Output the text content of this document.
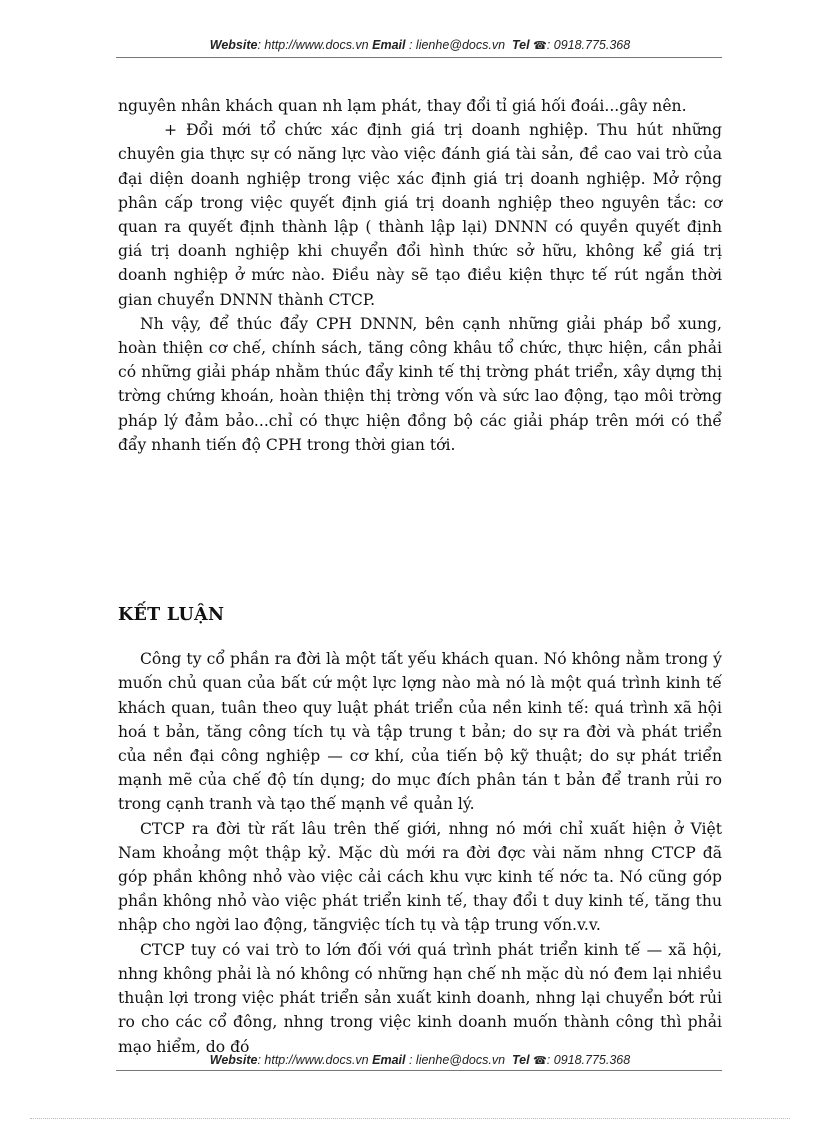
Website: http://www.docs.vn Email : lienhe@docs.vn Tel ☎: 0918.775.368

nguyên nhân khách quan nh lạm phát, thay đổi tỉ giá hối đoái...gây nên.

+ Đổi mới tổ chức xác định giá trị doanh nghiệp. Thu hút những chuyên gia thực sự có năng lực vào việc đánh giá tài sản, đề cao vai trò của đại diện doanh nghiệp trong việc xác định giá trị doanh nghiệp. Mở rộng phân cấp trong việc quyết định giá trị doanh nghiệp theo nguyên tắc: cơ quan ra quyết định thành lập ( thành lập lại) DNNN có quyền quyết định giá trị doanh nghiệp khi chuyển đổi hình thức sở hữu, không kể giá trị doanh nghiệp ở mức nào. Điều này sẽ tạo điều kiện thực tế rút ngắn thời gian chuyển DNNN thành CTCP.

Nh vậy, để thúc đẩy CPH DNNN, bên cạnh những giải pháp bổ xung, hoàn thiện cơ chế, chính sách, tăng công khâu tổ chức, thực hiện, cần phải có những giải pháp nhằm thúc đẩy kinh tế thị trờng phát triển, xây dựng thị trờng chứng khoán, hoàn thiện thị trờng vốn và sức lao động, tạo môi trờng pháp lý đảm bảo...chỉ có thực hiện đồng bộ các giải pháp trên mới có thể đẩy nhanh tiến độ CPH trong thời gian tới.

KẾT LUẬN

Công ty cổ phần ra đời là một tất yếu khách quan. Nó không nằm trong ý muốn chủ quan của bất cứ một lực lợng nào mà nó là một quá trình kinh tế khách quan, tuân theo quy luật phát triển của nền kinh tế: quá trình xã hội hoá t bản, tăng công tích tụ và tập trung t bản; do sự ra đời và phát triển của nền đại công nghiệp — cơ khí, của tiến bộ kỹ thuật; do sự phát triển mạnh mẽ của chế độ tín dụng; do mục đích phân tán t bản để tranh rủi ro trong cạnh tranh và tạo thế mạnh về quản lý.

CTCP ra đời từ rất lâu trên thế giới, nhng nó mới chỉ xuất hiện ở Việt Nam khoảng một thập kỷ. Mặc dù mới ra đời đợc vài năm nhng CTCP đã góp phần không nhỏ vào việc cải cách khu vực kinh tế nớc ta. Nó cũng góp phần không nhỏ vào việc phát triển kinh tế, thay đổi t duy kinh tế, tăng thu nhập cho ngời lao động, tăngviệc tích tụ và tập trung vốn.v.v.

CTCP tuy có vai trò to lớn đối với quá trình phát triển kinh tế — xã hội, nhng không phải là nó không có những hạn chế nh mặc dù nó đem lại nhiều thuận lợi trong việc phát triển sản xuất kinh doanh, nhng lại chuyển bớt rủi ro cho các cổ đông, nhng trong việc kinh doanh muốn thành công thì phải mạo hiểm, do đó

Website: http://www.docs.vn Email : lienhe@docs.vn Tel ☎: 0918.775.368
